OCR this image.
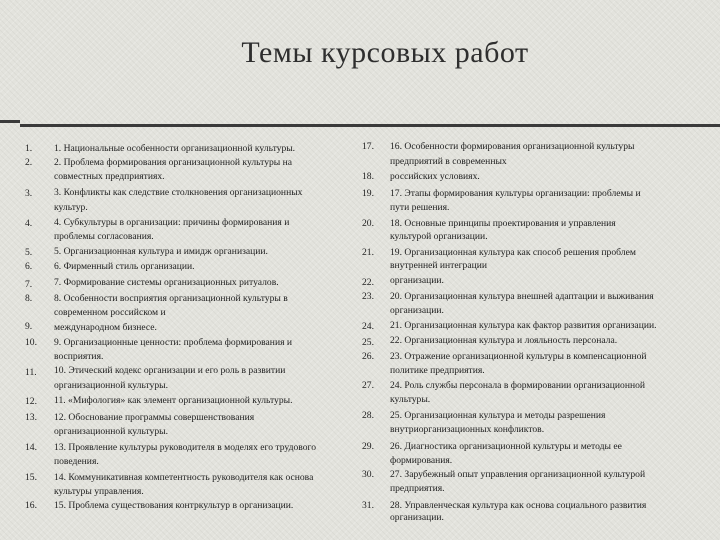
Темы курсовых работ
1.
2.
3.
4.
5.
6.
7.
8.
9.
10.
11.
12.
13.
14.
15.
16.
1. Национальные особенности организационной культуры.
2. Проблема формирования организационной культуры на
совместных предприятиях.
3. Конфликты как следствие столкновения организационных
культур.
4. Субкультуры в организации: причины формирования и
проблемы согласования.
5. Организационная культура и имидж организации.
6. Фирменный стиль организации.
7. Формирование системы организационных ритуалов.
8. Особенности восприятия организационной культуры в
современном российском и
международном бизнесе.
9. Организационные ценности: проблема формирования и
восприятия.
10. Этический кодекс организации и его роль в развитии
организационной культуры.
11. «Мифология» как элемент организационной культуры.
12. Обоснование программы совершенствования
организационной культуры.
13. Проявление культуры руководителя в моделях его трудового
поведения.
14. Коммуникативная компетентность руководителя как основа
культуры управления.
15. Проблема существования контркультур в организации.
17.
18.
19.
20.
21.
22.
23.
24.
25.
26.
27.
28.
29.
30.
31.
16. Особенности формирования организационной культуры
предприятий в современных
российских условиях.
17. Этапы формирования культуры организации: проблемы и
пути решения.
18. Основные принципы проектирования и управления
культурой организации.
19. Организационная культура как способ решения проблем
внутренней интеграции
организации.
20. Организационная культура внешней адаптации и выживания
организации.
21. Организационная культура как фактор развития организации.
22. Организационная культура и лояльность персонала.
23. Отражение организационной культуры в компенсационной
политике предприятия.
24. Роль службы персонала в формировании организационной
культуры.
25. Организационная культура и методы разрешения
внутриорганизационных конфликтов.
26. Диагностика организационной культуры и методы ее
формирования.
27. Зарубежный опыт управления организационной культурой
предприятия.
28. Управленческая культура как основа социального развития
организации.
